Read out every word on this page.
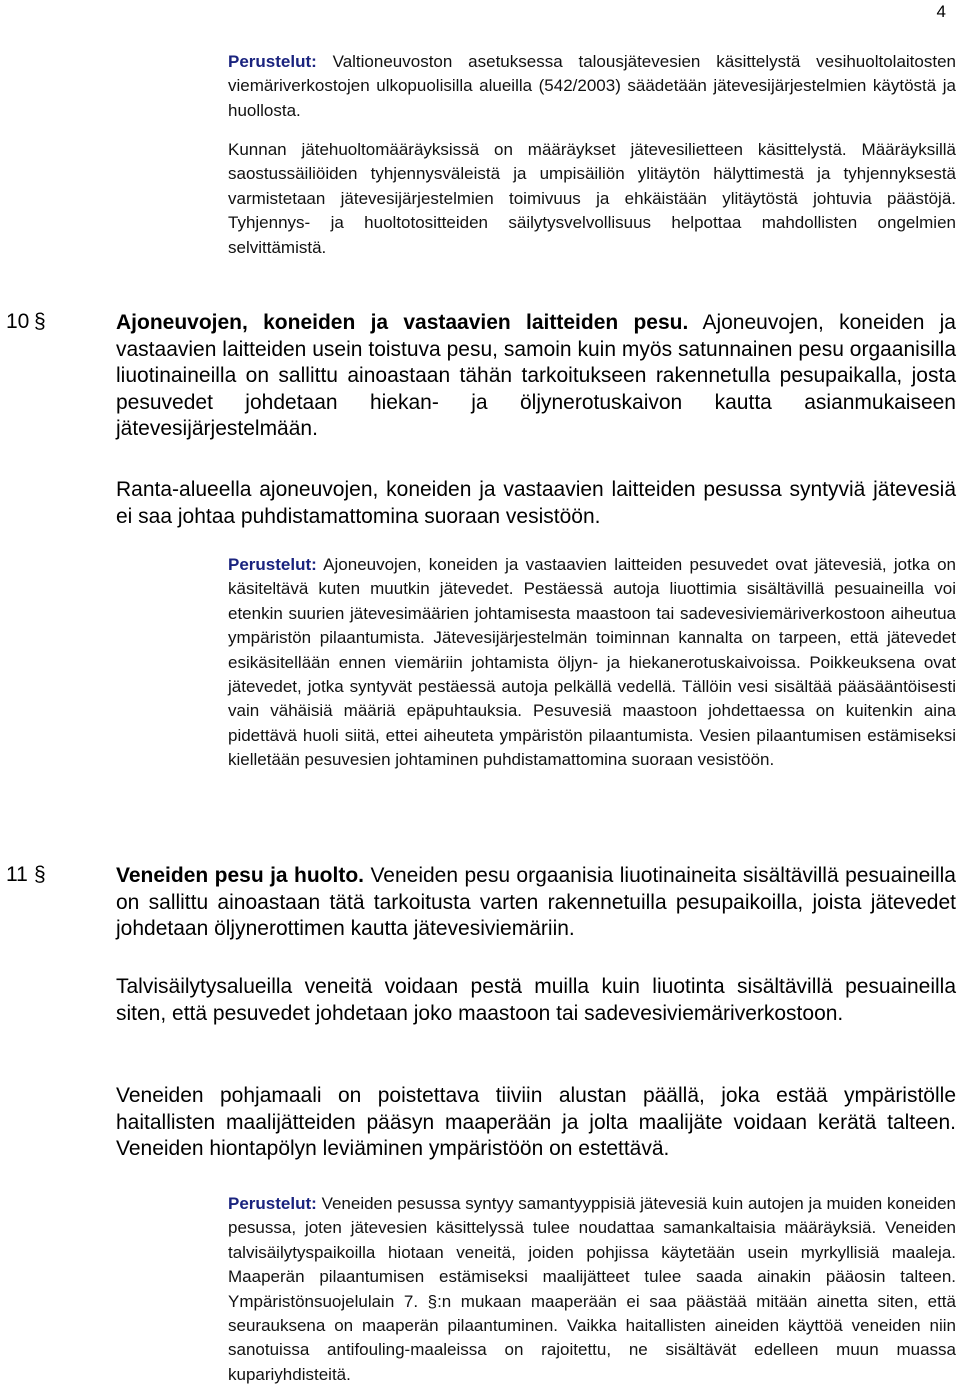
4

Perustelut: Valtioneuvoston asetuksessa talousjätevesien käsittelystä vesihuoltolaitosten viemäriverkostojen ulkopuolisilla alueilla (542/2003) säädetään jätevesijärjestelmien käytöstä ja huollosta.

Kunnan jätehuoltomääräyksissä on määräykset jätevesilietteen käsittelystä. Määräyksillä saostussäiliöiden tyhjennysväleistä ja umpisäiliön ylitäytön hälyttimestä ja tyhjennyksestä varmistetaan jätevesijärjestelmien toimivuus ja ehkäistään ylitäytöstä johtuvia päästöjä. Tyhjennys- ja huoltotositteiden säilytysvelvollisuus helpottaa mahdollisten ongelmien selvittämistä.

10 §	Ajoneuvojen, koneiden ja vastaavien laitteiden pesu. Ajoneuvojen, koneiden ja vastaavien laitteiden usein toistuva pesu, samoin kuin myös satunnainen pesu orgaanisilla liuotinaineilla on sallittu ainoastaan tähän tarkoitukseen rakennetulla pesupaikalla, josta pesuvedet johdetaan hiekan- ja öljynerotuskaivon kautta asianmukaiseen jätevesijärjestelmään.

Ranta-alueella ajoneuvojen, koneiden ja vastaavien laitteiden pesussa syntyviä jätevesiä ei saa johtaa puhdistamattomina suoraan vesistöön.

Perustelut: Ajoneuvojen, koneiden ja vastaavien laitteiden pesuvedet ovat jätevesiä, jotka on käsiteltävä kuten muutkin jätevedet. Pestäessä autoja liuottimia sisältävillä pesuaineilla voi etenkin suurien jätevesimäärien johtamisesta maastoon tai sadevesiviemäriverkostoon aiheutua ympäristön pilaantumista. Jätevesijärjestelmän toiminnan kannalta on tarpeen, että jätevedet esikäsitellään ennen viemäriin johtamista öljyn- ja hiekanerotuskaivoissa. Poikkeuksena ovat jätevedet, jotka syntyvät pestäessä autoja pelkällä vedellä. Tällöin vesi sisältää pääsääntöisesti vain vähäisiä määriä epäpuhtauksia. Pesuvesiä maastoon johdettaessa on kuitenkin aina pidettävä huoli siitä, ettei aiheuteta ympäristön pilaantumista. Vesien pilaantumisen estämiseksi kielletään pesuvesien johtaminen puhdistamattomina suoraan vesistöön.

11 §	Veneiden pesu ja huolto. Veneiden pesu orgaanisia liuotinaineita sisältävillä pesuaineilla on sallittu ainoastaan tätä tarkoitusta varten rakennetuilla pesupaikoilla, joista jätevedet johdetaan öljynerottimen kautta jätevesiviemäriin.

Talvisäilytysalueilla veneitä voidaan pestä muilla kuin liuotinta sisältävillä pesuaineilla siten, että pesuvedet johdetaan joko maastoon tai sadevesiviemäriverkostoon.

Veneiden pohjamaali on poistettava tiiviin alustan päällä, joka estää ympäristölle haitallisten maalijätteiden pääsyn maaperään ja jolta maalijäte voidaan kerätä talteen. Veneiden hiontapölyn leviäminen ympäristöön on estettävä.

Perustelut: Veneiden pesussa syntyy samantyyppisiä jätevesiä kuin autojen ja muiden koneiden pesussa, joten jätevesien käsittelyssä tulee noudattaa samankaltaisia määräyksiä. Veneiden talvisäilytyspaikoilla hiotaan veneitä, joiden pohjissa käytetään usein myrkyllisiä maaleja. Maaperän pilaantumisen estämiseksi maalijätteet tulee saada ainakin pääosin talteen. Ympäristönsuojelulain 7. §:n mukaan maaperään ei saa päästää mitään ainetta siten, että seurauksena on maaperän pilaantuminen. Vaikka haitallisten aineiden käyttöä veneiden niin sanotuissa antifouling-maaleissa on rajoitettu, ne sisältävät edelleen muun muassa kupariyhdisteitä.
